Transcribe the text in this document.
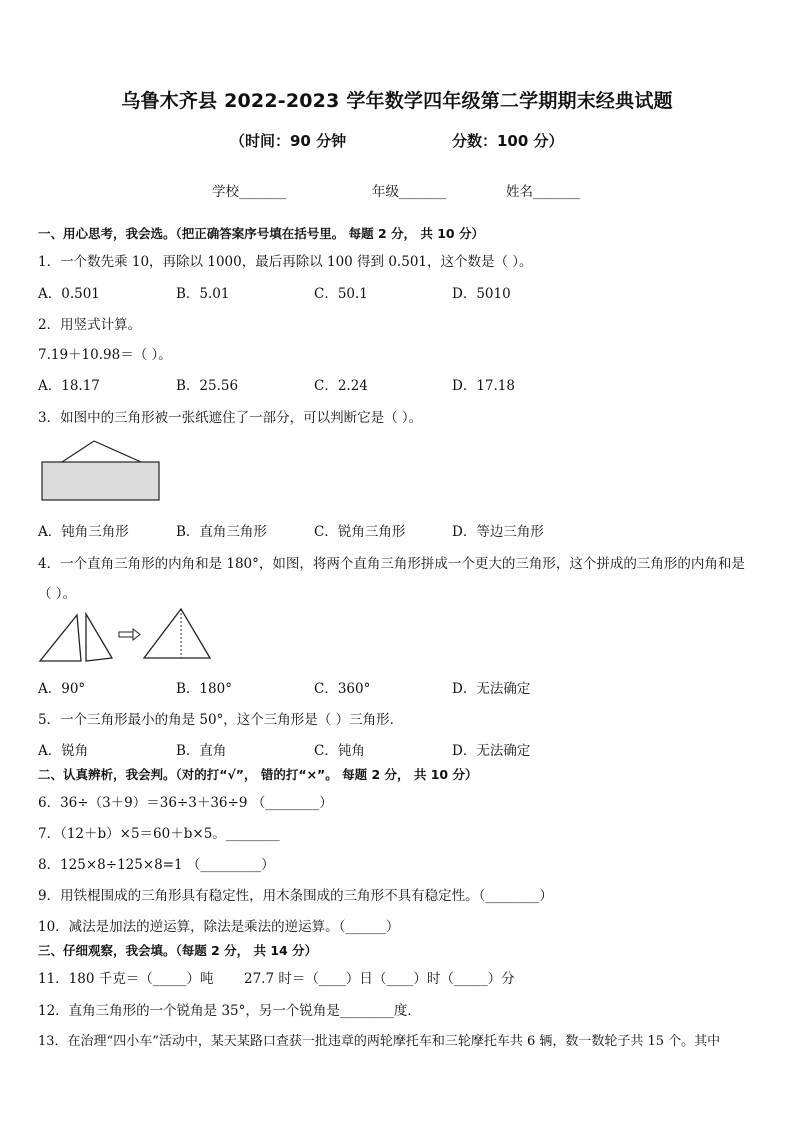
乌鲁木齐县 2022-2023 学年数学四年级第二学期期末经典试题
（时间：90 分钟	分数：100 分）
学校_______	年级_______	姓名_______
一、用心思考，我会选。（把正确答案序号填在括号里。 每题 2 分， 共 10 分）
1．一个数先乘 10，再除以 1000，最后再除以 100 得到 0.501，这个数是（ ）。
A．0.501	B．5.01	C．50.1	D．5010
2．用竖式计算。
7.19＋10.98＝（ ）。
A．18.17	B．25.56	C．2.24	D．17.18
3．如图中的三角形被一张纸遮住了一部分，可以判断它是（ ）。
A．钝角三角形	B．直角三角形	C．锐角三角形	D．等边三角形
4．一个直角三角形的内角和是 180°，如图，将两个直角三角形拼成一个更大的三角形，这个拼成的三角形的内角和是
（ ）。
A．90°	B．180°	C．360°	D．无法确定
5．一个三角形最小的角是 50°，这个三角形是（ ）三角形．
A．锐角	B．直角	C．钝角	D．无法确定
二、认真辨析，我会判。（对的打“√”， 错的打“×”。 每题 2 分， 共 10 分）
6．36÷（3＋9）＝36÷3＋36÷9 （________）
7．（12＋b）×5＝60＋b×5。________
8．125×8÷125×8=1 （_________）
9．用铁棍围成的三角形具有稳定性，用木条围成的三角形不具有稳定性。（________）
10．减法是加法的逆运算，除法是乘法的逆运算。（______）
三、仔细观察，我会填。（每题 2 分， 共 14 分）
11．180 千克＝（_____）吨 27.7 时＝（____）日（____）时（_____）分
12．直角三角形的一个锐角是 35°，另一个锐角是________度．
13．在治理“四小车”活动中，某天某路口查获一批违章的两轮摩托车和三轮摩托车共 6 辆，数一数轮子共 15 个。其中
